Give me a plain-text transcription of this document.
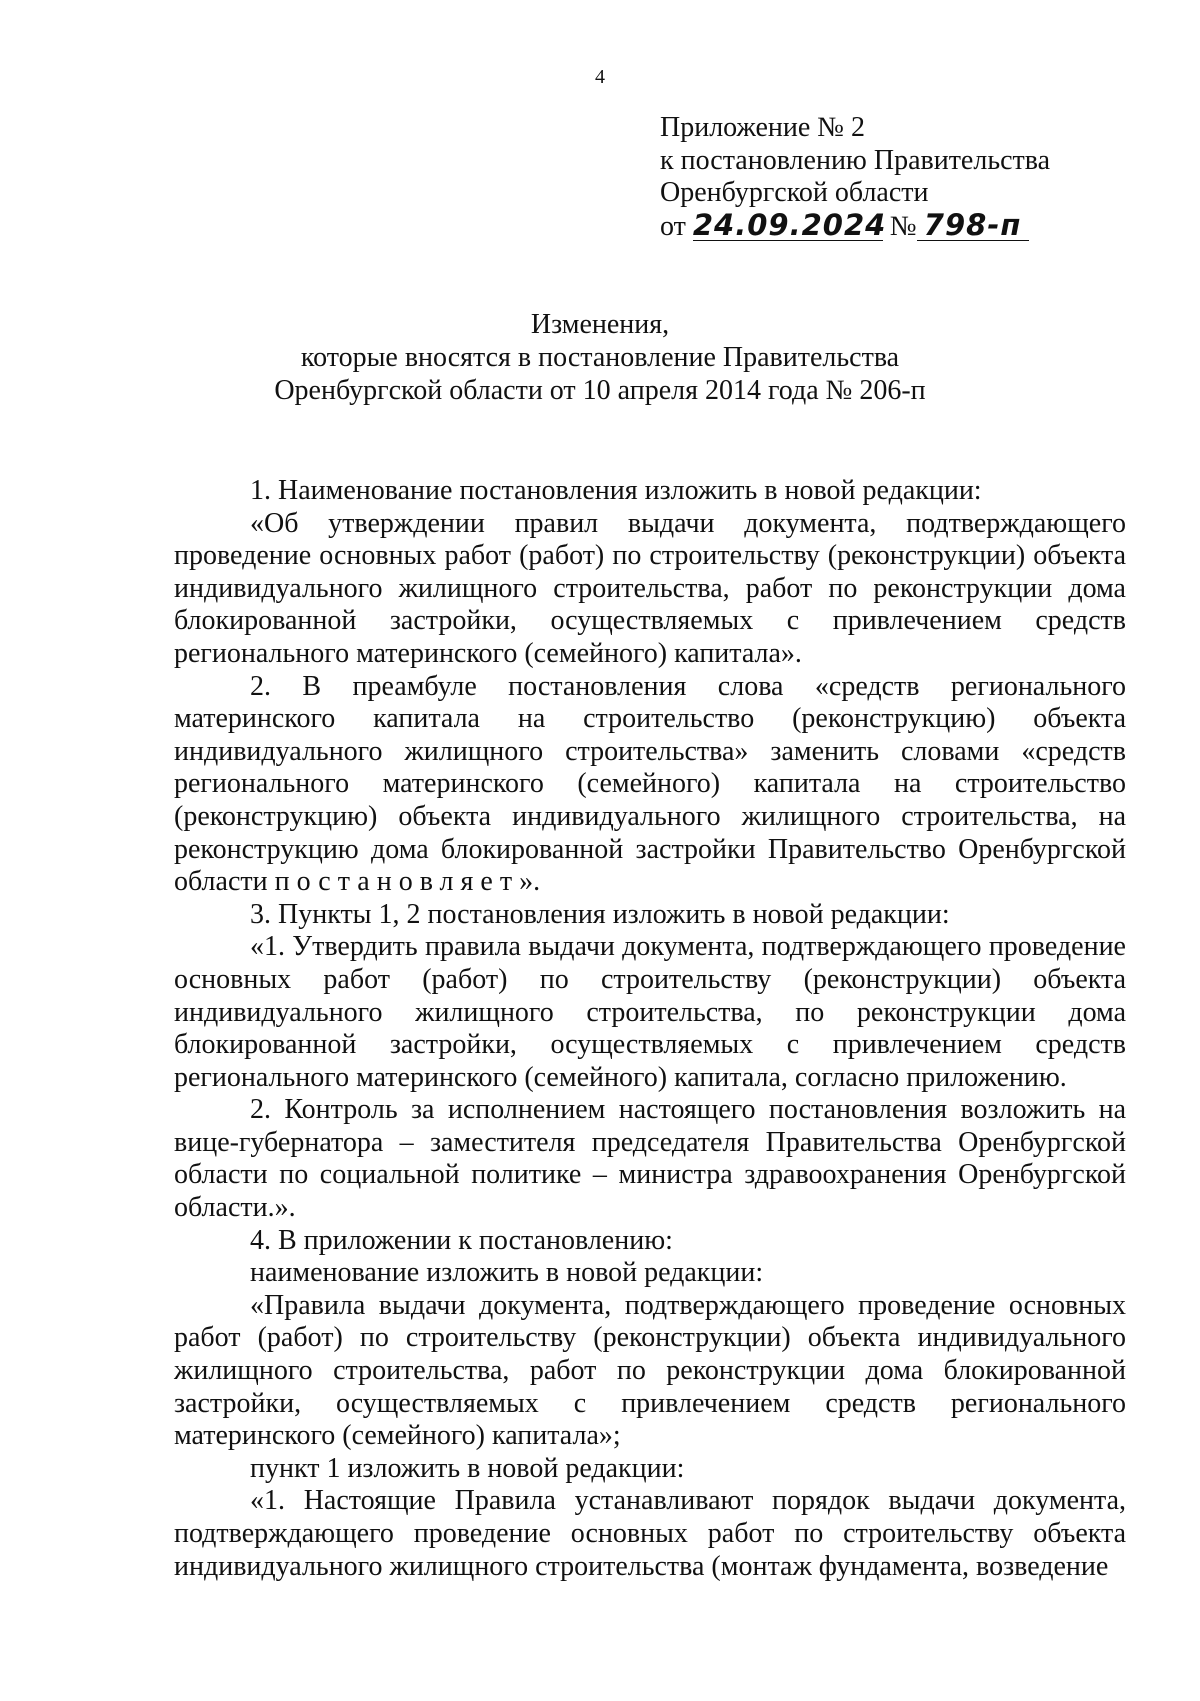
4
Приложение № 2
к постановлению Правительства
Оренбургской области
от 24.09.2024 № 798-п
Изменения,
которые вносятся в постановление Правительства
Оренбургской области от 10 апреля 2014 года № 206-п

1. Наименование постановления изложить в новой редакции:

«Об утверждении правил выдачи документа, подтверждающего проведение основных работ (работ) по строительству (реконструкции) объекта индивидуального жилищного строительства, работ по реконструкции дома блокированной застройки, осуществляемых с привлечением средств регионального материнского (семейного) капитала».

2. В преамбуле постановления слова «средств регионального материнского капитала на строительство (реконструкцию) объекта индивидуального жилищного строительства» заменить словами «средств регионального материнского (семейного) капитала на строительство (реконструкцию) объекта индивидуального жилищного строительства, на реконструкцию дома блокированной застройки Правительство Оренбургской области постановляет».

3. Пункты 1, 2 постановления изложить в новой редакции:

«1. Утвердить правила выдачи документа, подтверждающего проведение основных работ (работ) по строительству (реконструкции) объекта индивидуального жилищного строительства, по реконструкции дома блокированной застройки, осуществляемых с привлечением средств регионального материнского (семейного) капитала, согласно приложению.

2. Контроль за исполнением настоящего постановления возложить на вице-губернатора – заместителя председателя Правительства Оренбургской области по социальной политике – министра здравоохранения Оренбургской области.».

4. В приложении к постановлению:

наименование изложить в новой редакции:

«Правила выдачи документа, подтверждающего проведение основных работ (работ) по строительству (реконструкции) объекта индивидуального жилищного строительства, работ по реконструкции дома блокированной застройки, осуществляемых с привлечением средств регионального материнского (семейного) капитала»;

пункт 1 изложить в новой редакции:

«1. Настоящие Правила устанавливают порядок выдачи документа, подтверждающего проведение основных работ по строительству объекта индивидуального жилищного строительства (монтаж фундамента, возведение
